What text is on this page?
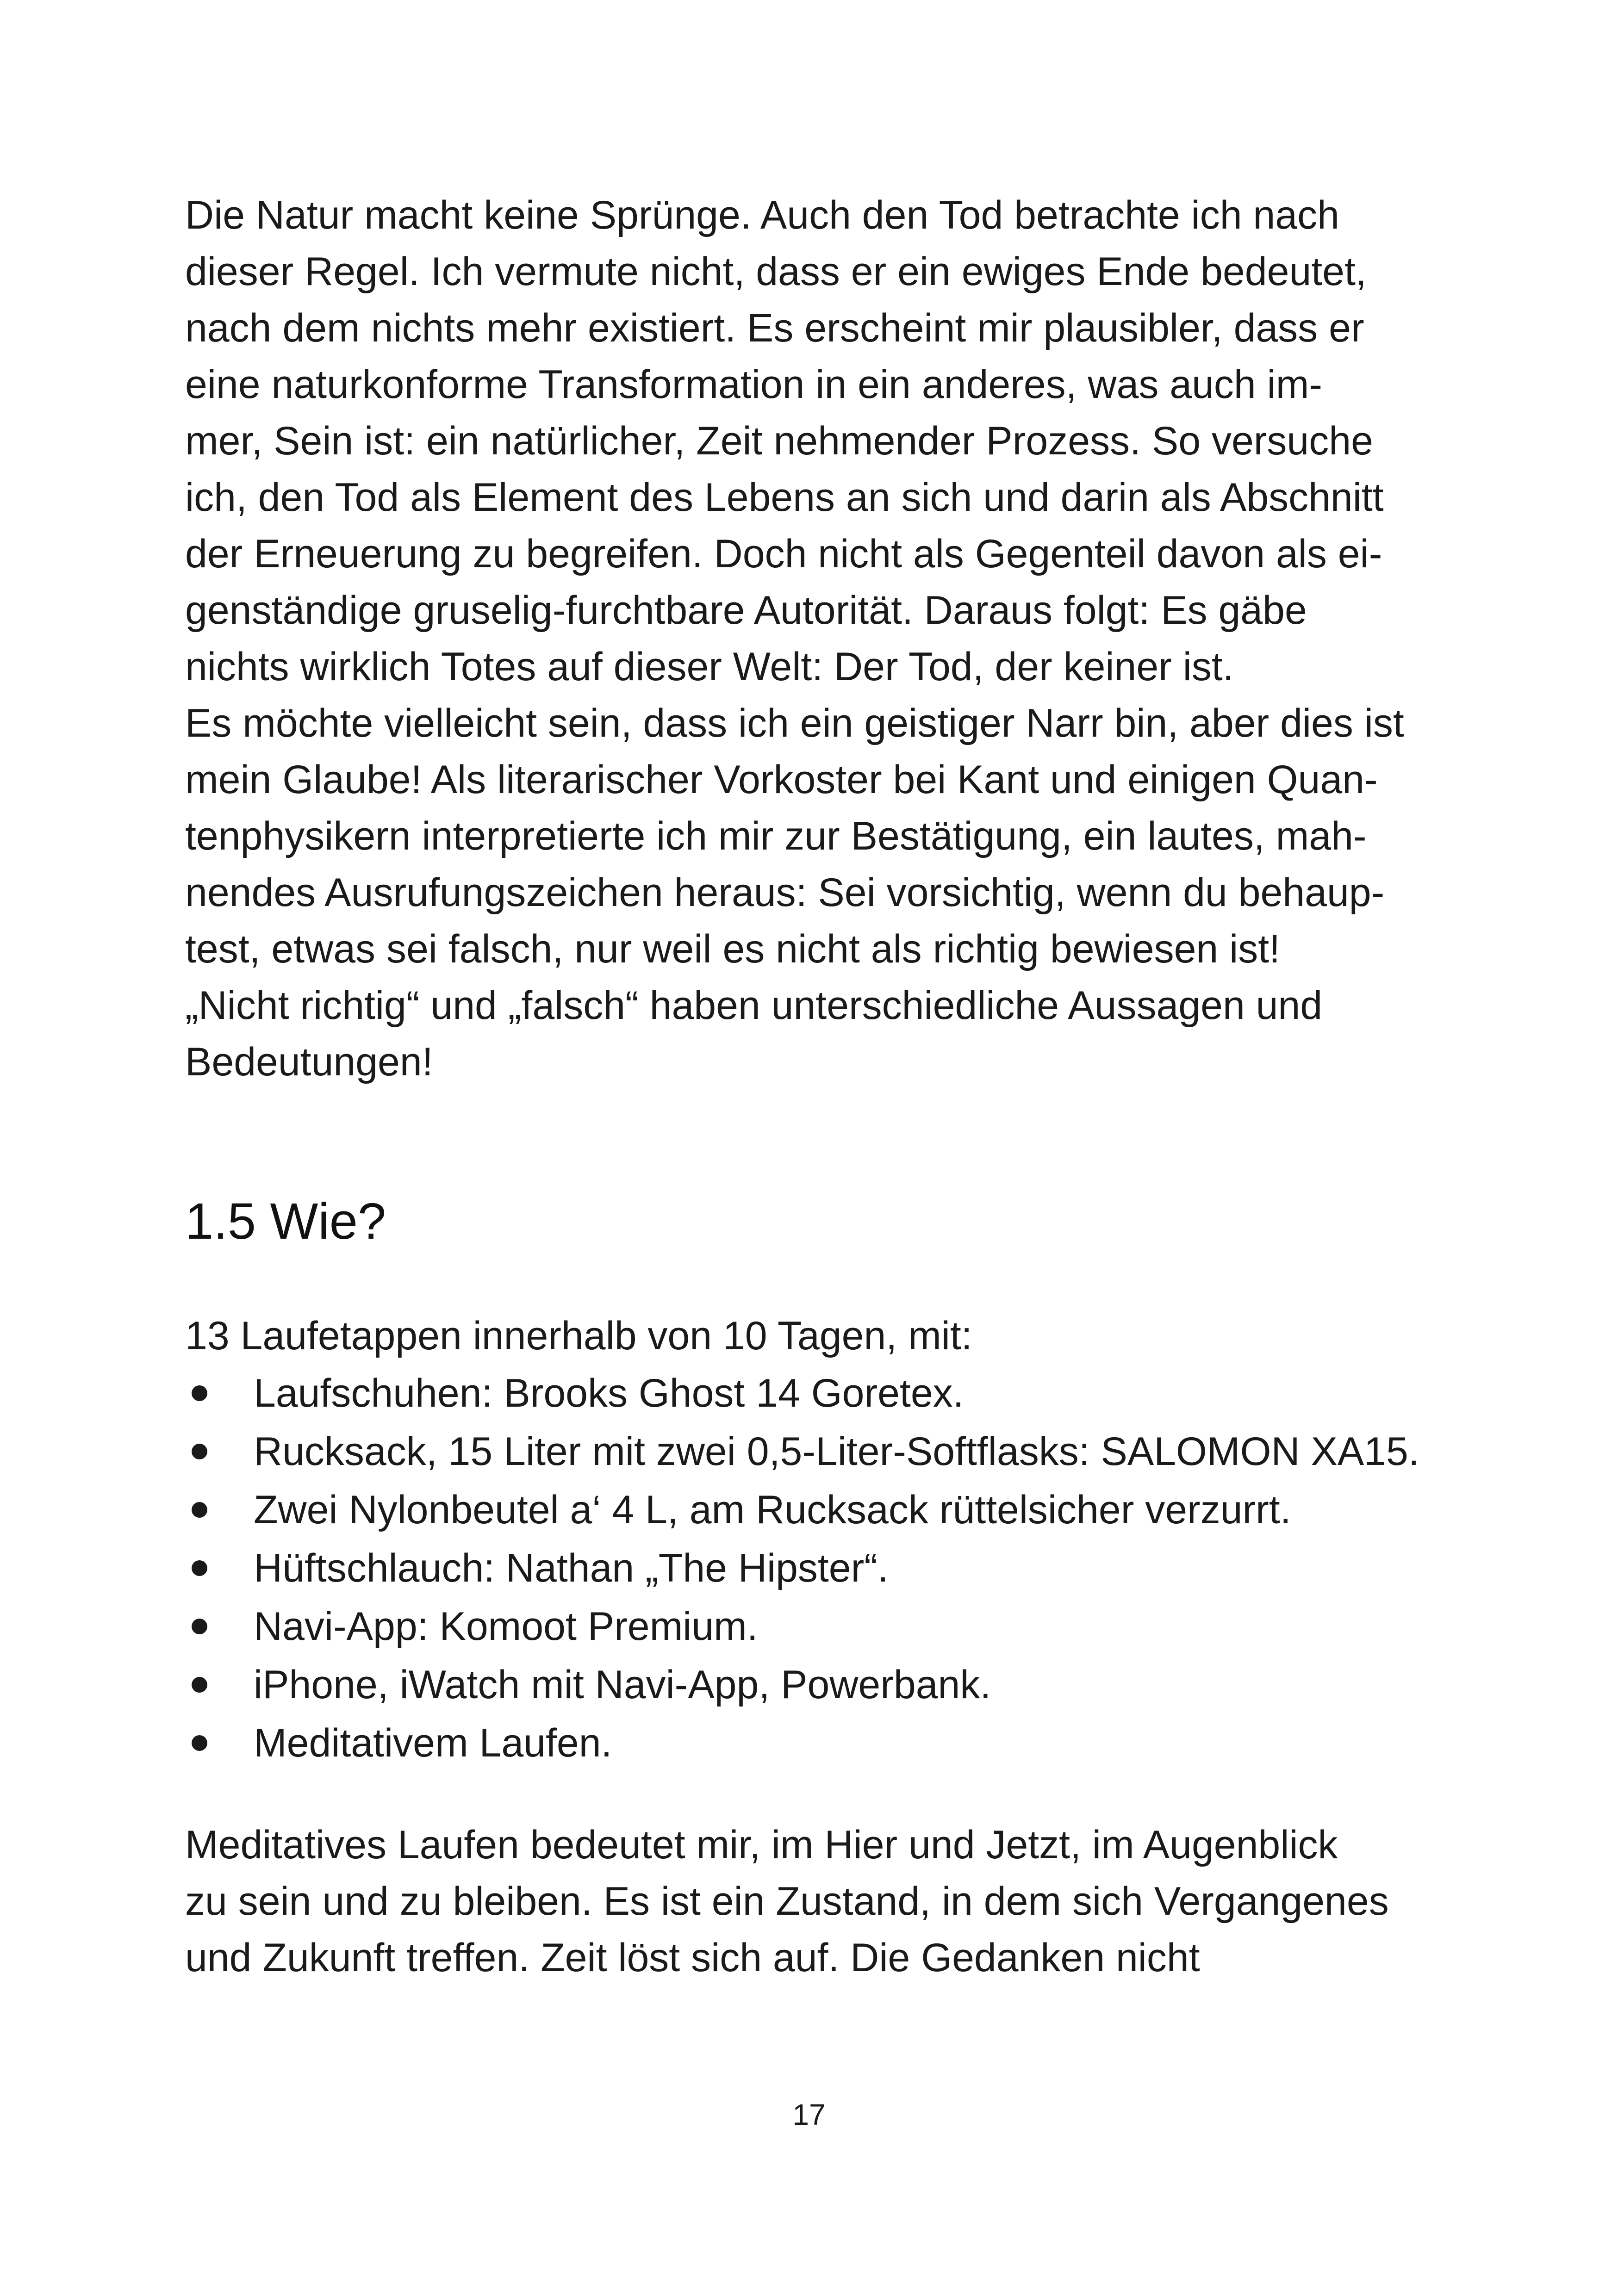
Die Natur macht keine Sprünge. Auch den Tod betrachte ich nach
dieser Regel. Ich vermute nicht, dass er ein ewiges Ende bedeutet,
nach dem nichts mehr existiert. Es erscheint mir plausibler, dass er
eine naturkonforme Transformation in ein anderes, was auch im-
mer, Sein ist: ein natürlicher, Zeit nehmender Prozess. So versuche
ich, den Tod als Element des Lebens an sich und darin als Abschnitt
der Erneuerung zu begreifen. Doch nicht als Gegenteil davon als ei-
genständige gruselig-furchtbare Autorität. Daraus folgt: Es gäbe
nichts wirklich Totes auf dieser Welt: Der Tod, der keiner ist.
Es möchte vielleicht sein, dass ich ein geistiger Narr bin, aber dies ist
mein Glaube! Als literarischer Vorkoster bei Kant und einigen Quan-
tenphysikern interpretierte ich mir zur Bestätigung, ein lautes, mah-
nendes Ausrufungszeichen heraus: Sei vorsichtig, wenn du behaup-
test, etwas sei falsch, nur weil es nicht als richtig bewiesen ist!
„Nicht richtig“ und „falsch“ haben unterschiedliche Aussagen und
Bedeutungen!
1.5 Wie?

13 Laufetappen innerhalb von 10 Tagen, mit:

Laufschuhen: Brooks Ghost 14 Goretex.
Rucksack, 15 Liter mit zwei 0,5-Liter-Softflasks: SALOMON XA15.
Zwei Nylonbeutel a‘ 4 L, am Rucksack rüttelsicher verzurrt.
Hüftschlauch: Nathan „The Hipster“.
Navi-App: Komoot Premium.
iPhone, iWatch mit Navi-App, Powerbank.
Meditativem Laufen.
Meditatives Laufen bedeutet mir, im Hier und Jetzt, im Augenblick
zu sein und zu bleiben. Es ist ein Zustand, in dem sich Vergangenes
und Zukunft treffen. Zeit löst sich auf. Die Gedanken nicht
17
